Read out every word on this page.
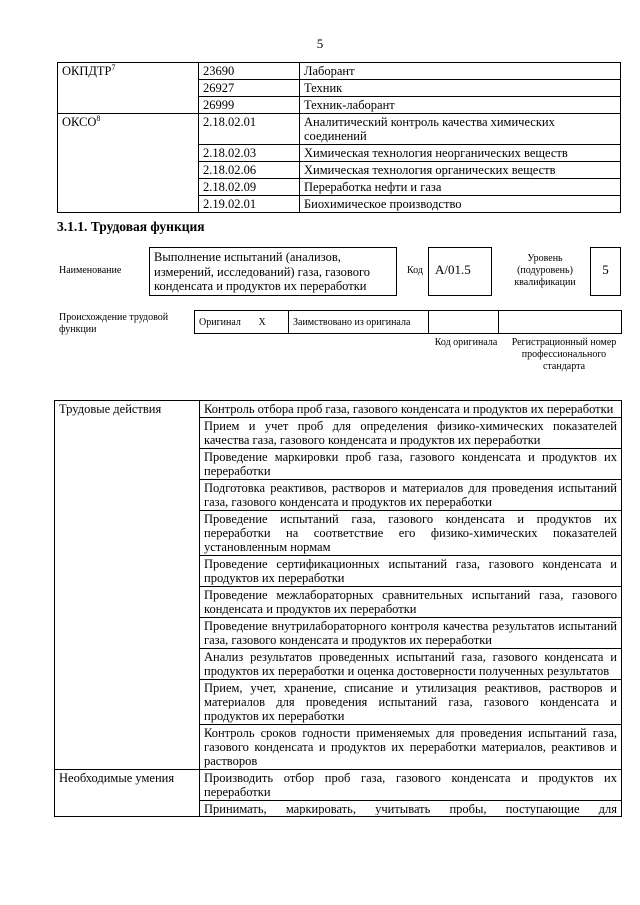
5
ОКПДТР$^7$	23690	Лаборант
	26927	Техник
	26999	Техник-лаборант
ОКСО$^8$	2.18.02.01	Аналитический контроль качества химических соединений
	2.18.02.03	Химическая технология неорганических веществ
	2.18.02.06	Химическая технология органических веществ
	2.18.02.09	Переработка нефти и газа
	2.19.02.01	Биохимическое производство
3.1.1. Трудовая функция
Наименование
Выполнение испытаний (анализов, измерений, исследований) газа, газового конденсата и продуктов их переработки
Код А/01.5
Уровень (подуровень) квалификации
5
Происхождение трудовой функции
Оригинал	X	Заимствовано из оригинала		
Код оригинала	Регистрационный номер профессионального стандарта
Трудовые действия	Контроль отбора проб газа, газового конденсата и продуктов их переработки
	Прием и учет проб для определения физико-химических показателей качества газа, газового конденсата и продуктов их переработки
	Проведение маркировки проб газа, газового конденсата и продуктов их переработки
	Подготовка реактивов, растворов и материалов для проведения испытаний газа, газового конденсата и продуктов их переработки
	Проведение испытаний газа, газового конденсата и продуктов их переработки на соответствие его физико-химических показателей установленным нормам
	Проведение сертификационных испытаний газа, газового конденсата и продуктов их переработки
	Проведение межлабораторных сравнительных испытаний газа, газового конденсата и продуктов их переработки
	Проведение внутрилабораторного контроля качества результатов испытаний газа, газового конденсата и продуктов их переработки
	Анализ результатов проведенных испытаний газа, газового конденсата и продуктов их переработки и оценка достоверности полученных результатов
	Прием, учет, хранение, списание и утилизация реактивов, растворов и материалов для проведения испытаний газа, газового конденсата и продуктов их переработки
	Контроль сроков годности применяемых для проведения испытаний газа, газового конденсата и продуктов их переработки материалов, реактивов и растворов
Необходимые умения	Производить отбор проб газа, газового конденсата и продуктов их переработки

	Принимать, маркировать, учитывать пробы, поступающие для
